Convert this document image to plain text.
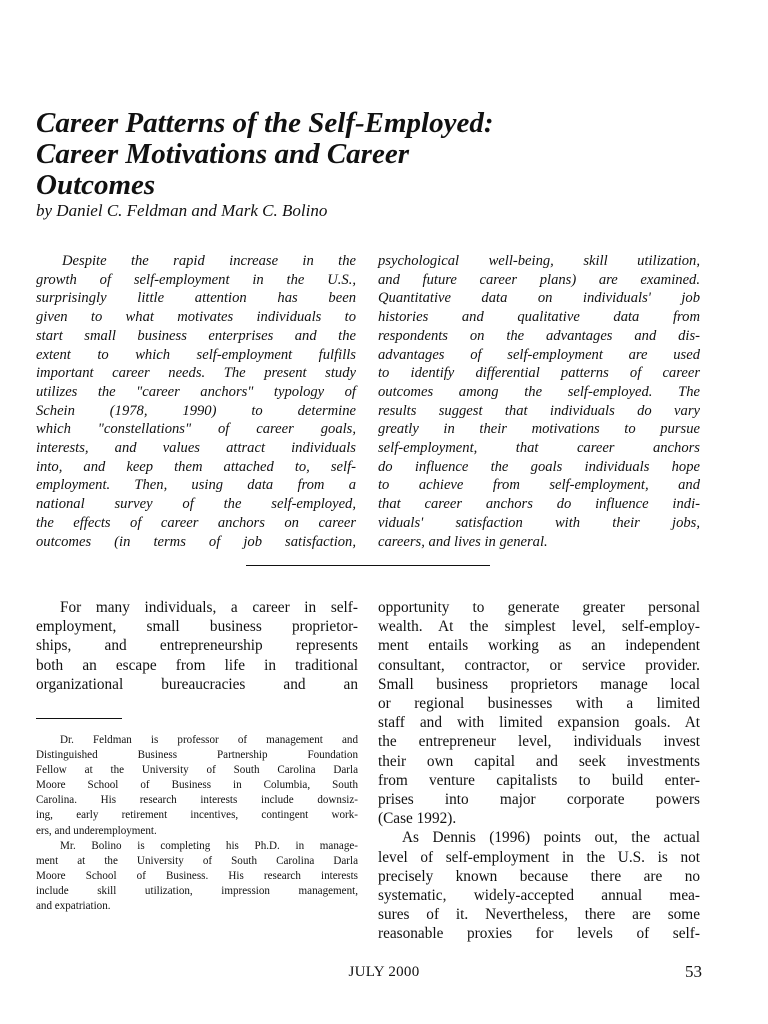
Career Patterns of the Self-Employed:
Career Motivations and Career
Outcomes
by Daniel C. Feldman and Mark C. Bolino
Despite the rapid increase in the
growth of self-employment in the U.S.,
surprisingly little attention has been
given to what motivates individuals to
start small business enterprises and the
extent to which self-employment fulfills
important career needs. The present study
utilizes the "career anchors" typology of
Schein (1978, 1990) to determine
which "constellations" of career goals,
interests, and values attract individuals
into, and keep them attached to, self-
employment. Then, using data from a
national survey of the self-employed,
the effects of career anchors on career
outcomes (in terms of job satisfaction,
psychological well-being, skill utilization,
and future career plans) are examined.
Quantitative data on individuals' job
histories and qualitative data from
respondents on the advantages and dis-
advantages of self-employment are used
to identify differential patterns of career
outcomes among the self-employed. The
results suggest that individuals do vary
greatly in their motivations to pursue
self-employment, that career anchors
do influence the goals individuals hope
to achieve from self-employment, and
that career anchors do influence indi-
viduals' satisfaction with their jobs,
careers, and lives in general.
For many individuals, a career in self-
employment, small business proprietor-
ships, and entrepreneurship represents
both an escape from life in traditional
organizational bureaucracies and an
Dr. Feldman is professor of management and
Distinguished Business Partnership Foundation
Fellow at the University of South Carolina Darla
Moore School of Business in Columbia, South
Carolina. His research interests include downsiz-
ing, early retirement incentives, contingent work-
ers, and underemployment.
Mr. Bolino is completing his Ph.D. in manage-
ment at the University of South Carolina Darla
Moore School of Business. His research interests
include skill utilization, impression management,
and expatriation.
opportunity to generate greater personal
wealth. At the simplest level, self-employ-
ment entails working as an independent
consultant, contractor, or service provider.
Small business proprietors manage local
or regional businesses with a limited
staff and with limited expansion goals. At
the entrepreneur level, individuals invest
their own capital and seek investments
from venture capitalists to build enter-
prises into major corporate powers
(Case 1992).
As Dennis (1996) points out, the actual
level of self-employment in the U.S. is not
precisely known because there are no
systematic, widely-accepted annual mea-
sures of it. Nevertheless, there are some
reasonable proxies for levels of self-
JULY 2000	53
